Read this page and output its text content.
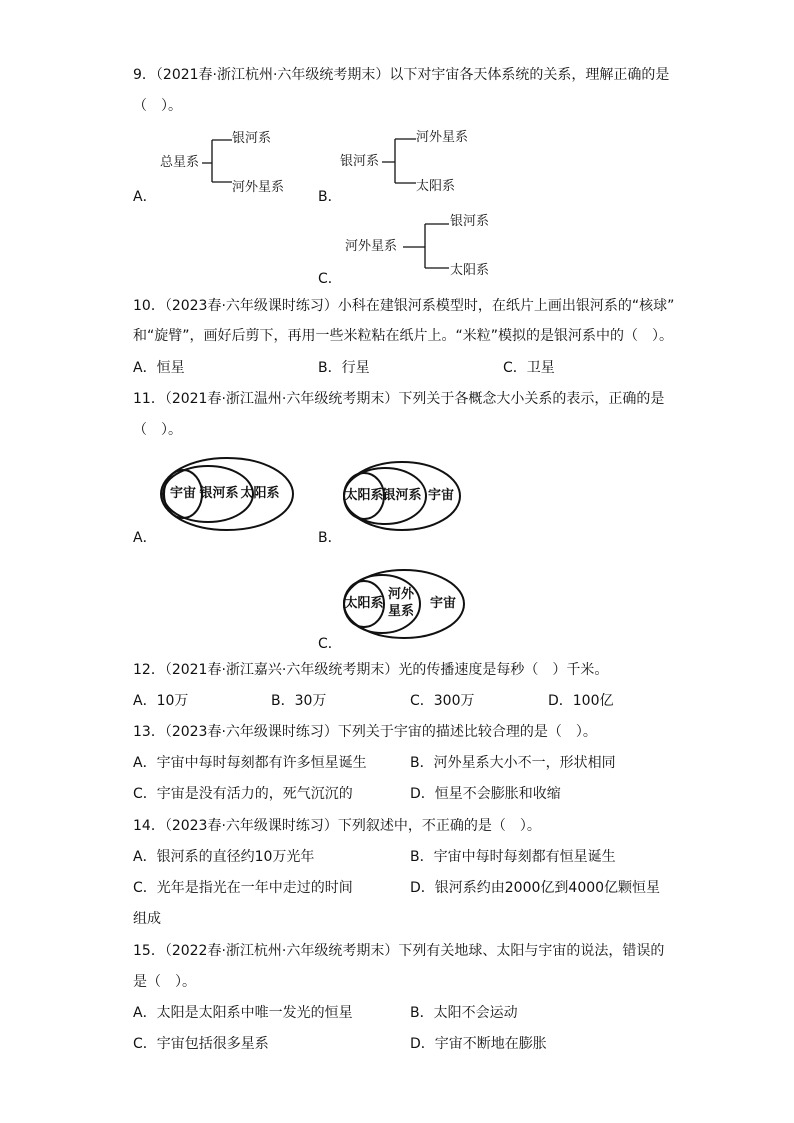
9．（2021春·浙江杭州·六年级统考期末）以下对宇宙各天体系统的关系，理解正确的是
（　）。
总星系
银河系
河外星系
A．
银河系
河外星系
太阳系
B．
河外星系
银河系
太阳系
C．
10．（2023春·六年级课时练习）小科在建银河系模型时，在纸片上画出银河系的“核球”
和“旋臂”，画好后剪下，再用一些米粒粘在纸片上。“米粒”模拟的是银河系中的（　）。
A．恒星	B．行星	C．卫星
11．（2021春·浙江温州·六年级统考期末）下列关于各概念大小关系的表示，正确的是
（　）。
宇宙 银河系 太阳系
A．
太阳系
银河系 宇宙
B．
太阳系
河外
星系
宇宙
C．
12．（2021春·浙江嘉兴·六年级统考期末）光的传播速度是每秒（　）千米。
A．10万	B．30万	C．300万	D．100亿
13．（2023春·六年级课时练习）下列关于宇宙的描述比较合理的是（　）。
A．宇宙中每时每刻都有许多恒星诞生	B．河外星系大小不一，形状相同
C．宇宙是没有活力的，死气沉沉的	D．恒星不会膨胀和收缩
14．（2023春·六年级课时练习）下列叙述中，不正确的是（　）。
A．银河系的直径约10万光年	B．宇宙中每时每刻都有恒星诞生
C．光年是指光在一年中走过的时间	D．银河系约由2000亿到4000亿颗恒星
组成
15．（2022春·浙江杭州·六年级统考期末）下列有关地球、太阳与宇宙的说法，错误的
是（　）。
A．太阳是太阳系中唯一发光的恒星	B．太阳不会运动
C．宇宙包括很多星系	D．宇宙不断地在膨胀
